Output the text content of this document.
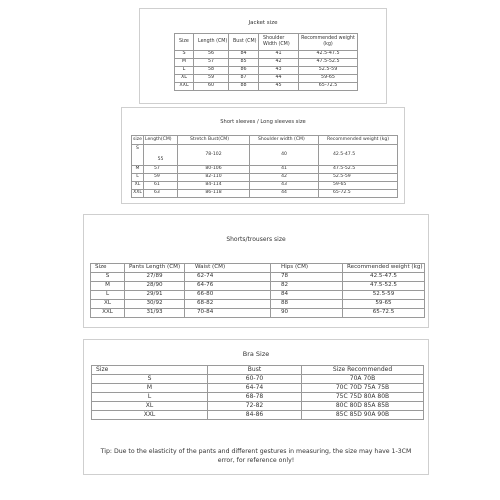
Jacket size
Size	Length (CM)	Bust (CM)	Shoulder Width (CM)	Recommended weight (kg)
S	56	84	41	42.5-47.5
M	57	85	42	47.5-52.5
L	58	86	43	52.5-59
XL	59	87	44	59-65
XXL	60	88	45	65-72.5
Short sleeves / Long sleeves size
size	Length(CM)	Stretch Bust(CM)	Shoulder width (CM)	Recommended weight (kg)
S	55	78-102	40	42.5-47.5
M	57	80-106	41	47.5-52.5
L	59	82-110	42	52.5-59
XL	61	84-114	43	59-65
XXL	63	86-118	44	65-72.5
Shorts/trousers size
Size	Pants Length (CM)	Waist (CM)	Hips (CM)	Recommended weight (kg)
S	27/89	62-74	78	42.5-47.5
M	28/90	64-76	82	47.5-52.5
L	29/91	66-80	84	52.5-59
XL	30/92	68-82	88	59-65
XXL	31/93	70-84	90	65-72.5
Bra Size
Size	Bust	Size Recommended
S	60-70	70A 70B
M	64-74	70C 70D 75A 75B
L	68-78	75C 75D 80A 80B
XL	72-82	80C 80D 85A 85B
XXL	84-86	85C 85D 90A 90B
Tip: Due to the elasticity of the pants and different gestures in measuring, the size may have 1-3CM error, for reference only!
